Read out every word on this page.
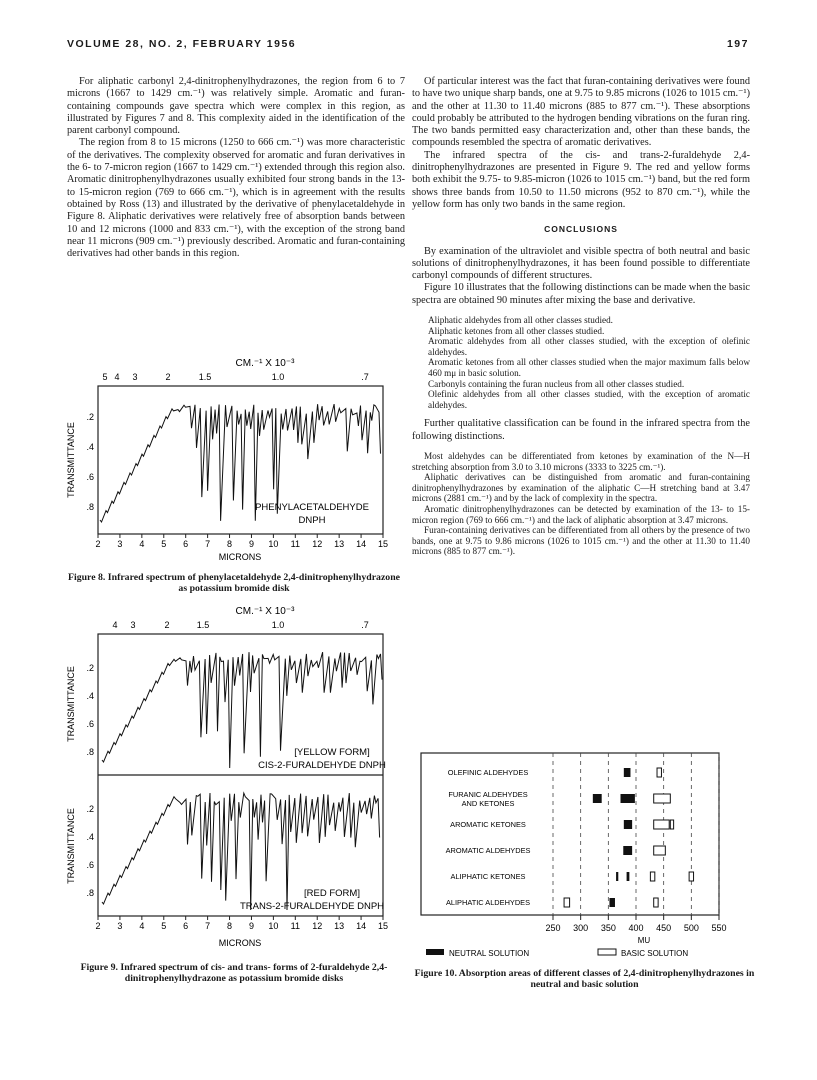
VOLUME 28, NO. 2, FEBRUARY 1956	197

For aliphatic carbonyl 2,4-dinitrophenylhydrazones, the region from 6 to 7 microns (1667 to 1429 cm.⁻¹) was relatively simple. Aromatic and furan-containing compounds gave spectra which were complex in this region, as illustrated by Figures 7 and 8. This complexity aided in the identification of the parent carbonyl compound.

The region from 8 to 15 microns (1250 to 666 cm.⁻¹) was more characteristic of the derivatives. The complexity observed for aromatic and furan derivatives in the 6- to 7-micron region (1667 to 1429 cm.⁻¹) extended through this region also. Aromatic dinitrophenylhydrazones usually exhibited four strong bands in the 13- to 15-micron region (769 to 666 cm.⁻¹), which is in agreement with the results obtained by Ross (13) and illustrated by the derivative of phenylacetaldehyde in Figure 8. Aliphatic derivatives were relatively free of absorption bands between 10 and 12 microns (1000 and 833 cm.⁻¹), with the exception of the strong band near 11 microns (909 cm.⁻¹) previously described. Aromatic and furan-containing derivatives had other bands in this region.

Of particular interest was the fact that furan-containing derivatives were found to have two unique sharp bands, one at 9.75 to 9.85 microns (1026 to 1015 cm.⁻¹) and the other at 11.30 to 11.40 microns (885 to 877 cm.⁻¹). These absorptions could probably be attributed to the hydrogen bending vibrations on the furan ring. The two bands permitted easy characterization and, other than these bands, the compounds resembled the spectra of aromatic derivatives.

The infrared spectra of the cis- and trans-2-furaldehyde 2,4-dinitrophenylhydrazones are presented in Figure 9. The red and yellow forms both exhibit the 9.75- to 9.85-micron (1026 to 1015 cm.⁻¹) band, but the red form shows three bands from 10.50 to 11.50 microns (952 to 870 cm.⁻¹), while the yellow form has only two bands in the same region.

CONCLUSIONS

By examination of the ultraviolet and visible spectra of both neutral and basic solutions of dinitrophenylhydrazones, it has been found possible to differentiate carbonyl compounds of different structures.

Figure 10 illustrates that the following distinctions can be made when the basic spectra are obtained 90 minutes after mixing the base and derivative.

Aliphatic aldehydes from all other classes studied.

Aliphatic ketones from all other classes studied.

Aromatic aldehydes from all other classes studied, with the exception of olefinic aldehydes.

Aromatic ketones from all other classes studied when the major maximum falls below 460 mμ in basic solution.

Carbonyls containing the furan nucleus from all other classes studied.

Olefinic aldehydes from all other classes studied, with the exception of aromatic aldehydes.

Further qualitative classification can be found in the infrared spectra from the following distinctions.

Most aldehydes can be differentiated from ketones by examination of the N—H stretching absorption from 3.0 to 3.10 microns (3333 to 3225 cm.⁻¹).

Aliphatic derivatives can be distinguished from aromatic and furan-containing dinitrophenylhydrazones by examination of the aliphatic C—H stretching band at 3.47 microns (2881 cm.⁻¹) and by the lack of complexity in the spectra.

Aromatic dinitrophenylhydrazones can be detected by examination of the 13- to 15-micron region (769 to 666 cm.⁻¹) and the lack of aliphatic absorption at 3.47 microns.

Furan-containing derivatives can be differentiated from all others by the presence of two bands, one at 9.75 to 9.86 microns (1026 to 1015 cm.⁻¹) and the other at 11.30 to 11.40 microns (885 to 877 cm.⁻¹).

CM.⁻¹ X 10⁻³
5 4 3	2	1.5	1.0	.7
TRANSMITTANCE
.2
.4
.6
.8	PHENYLACETALDEHYDE
DNPH
2 3 4 5 6 7 8 9 10 11 12 13 14 15
MICRONS
Figure 8. Infrared spectrum of phenylacetaldehyde 2,4-dinitrophenylhydrazone as potassium bromide disk
CM.⁻¹ X 10⁻³
4 3	2	1.5	1.0	.7
TRANSMITTANCE
TRANSMITTANCE
.2
.4
.6
.8
.2
.4
.6
.8
[YELLOW FORM]
CIS-2-FURALDEHYDE DNPH
[RED FORM]
TRANS-2-FURALDEHYDE DNPH
2 3 4 5 6 7 8 9 10 11 12 13 14 15
MICRONS
Figure 9. Infrared spectrum of cis- and trans- forms of 2-furaldehyde 2,4-dinitrophenylhydrazone as potassium bromide disks
OLEFINIC ALDEHYDES
FURANIC ALDEHYDES
AND KETONES
AROMATIC KETONES
AROMATIC ALDEHYDES
ALIPHATIC KETONES
ALIPHATIC ALDEHYDES
250 300 350 400 450 500 550
MU
NEUTRAL SOLUTION	BASIC SOLUTION
Figure 10. Absorption areas of different classes of 2,4-dinitrophenylhydrazones in neutral and basic solution
